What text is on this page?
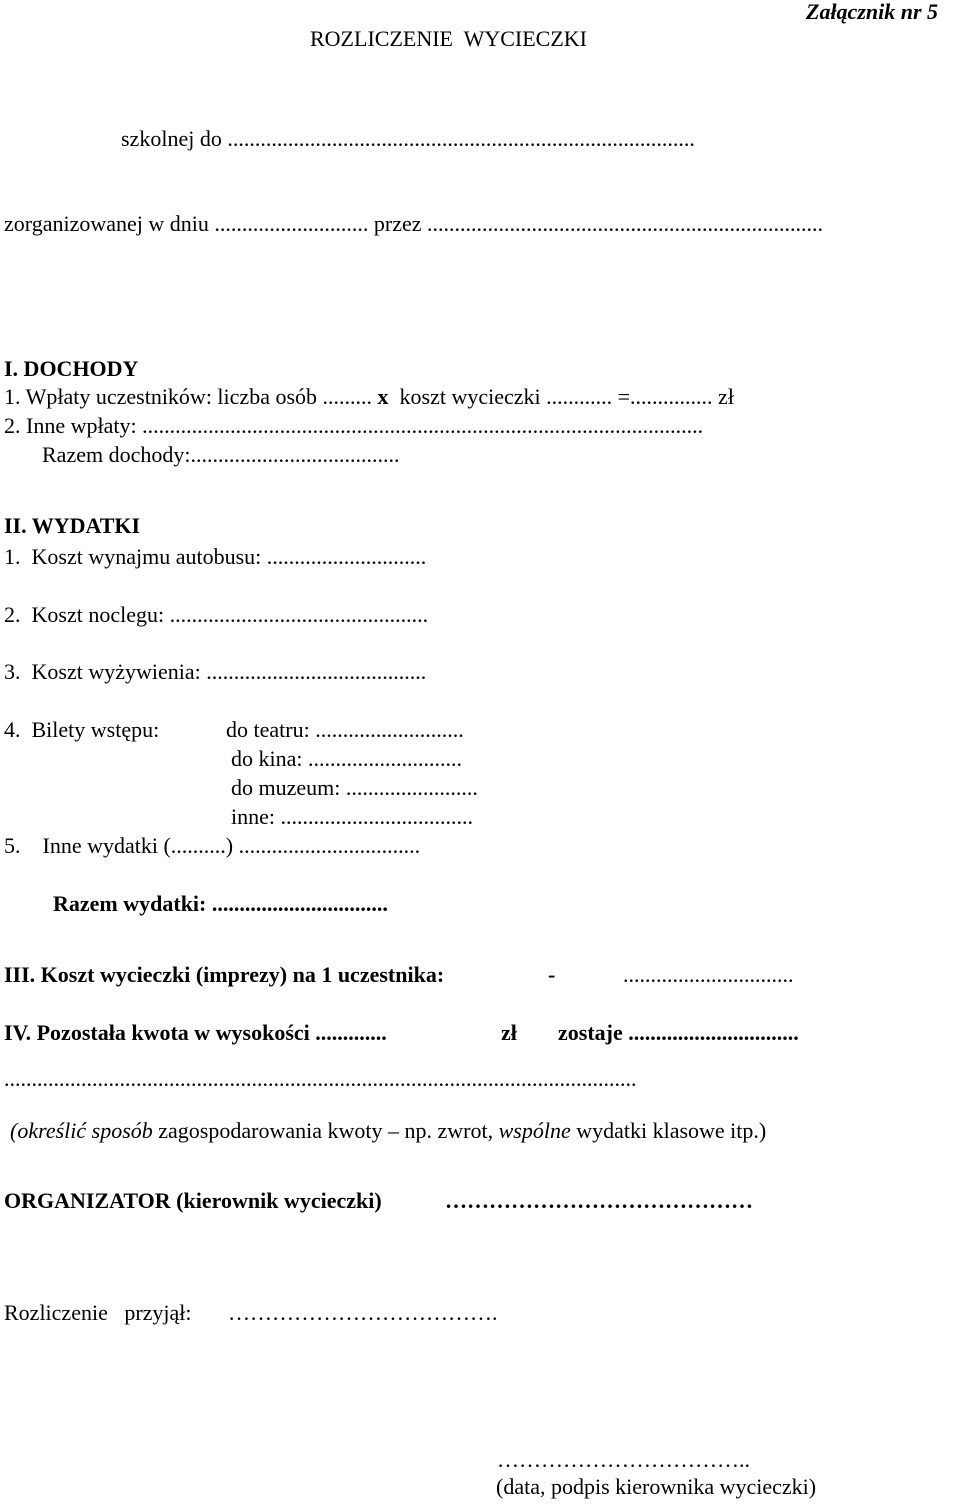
Załącznik nr 5
ROZLICZENIE  WYCIECZKI
szkolnej do .....................................................................................
zorganizowanej w dniu ............................ przez ........................................................................
I. DOCHODY
1. Wpłaty uczestników: liczba osób ......... x koszt wycieczki ............ =............... zł
2. Inne wpłaty: ......................................................................................................
Razem dochody:......................................
II. WYDATKI
1.  Koszt wynajmu autobusu: .............................
2.  Koszt noclegu: ...............................................
3.  Koszt wyżywienia: ........................................
4.  Bilety wstępu:	do teatru: ...........................
do kina: ............................
do muzeum: ........................
inne: ...................................
5.    Inne wydatki (..........) .................................
Razem wydatki: ................................
III. Koszt wycieczki (imprezy) na 1 uczestnika:	-	...............................
IV. Pozostała kwota w wysokości .............	zł zostaje ...............................
...................................................................................................................
(określić sposób zagospodarowania kwoty – np. zwrot, wspólne wydatki klasowe itp.)
ORGANIZATOR (kierownik wycieczki)	……………………………………
Rozliczenie   przyjął: ……………………………….
……………………………..
(data, podpis kierownika wycieczki)
